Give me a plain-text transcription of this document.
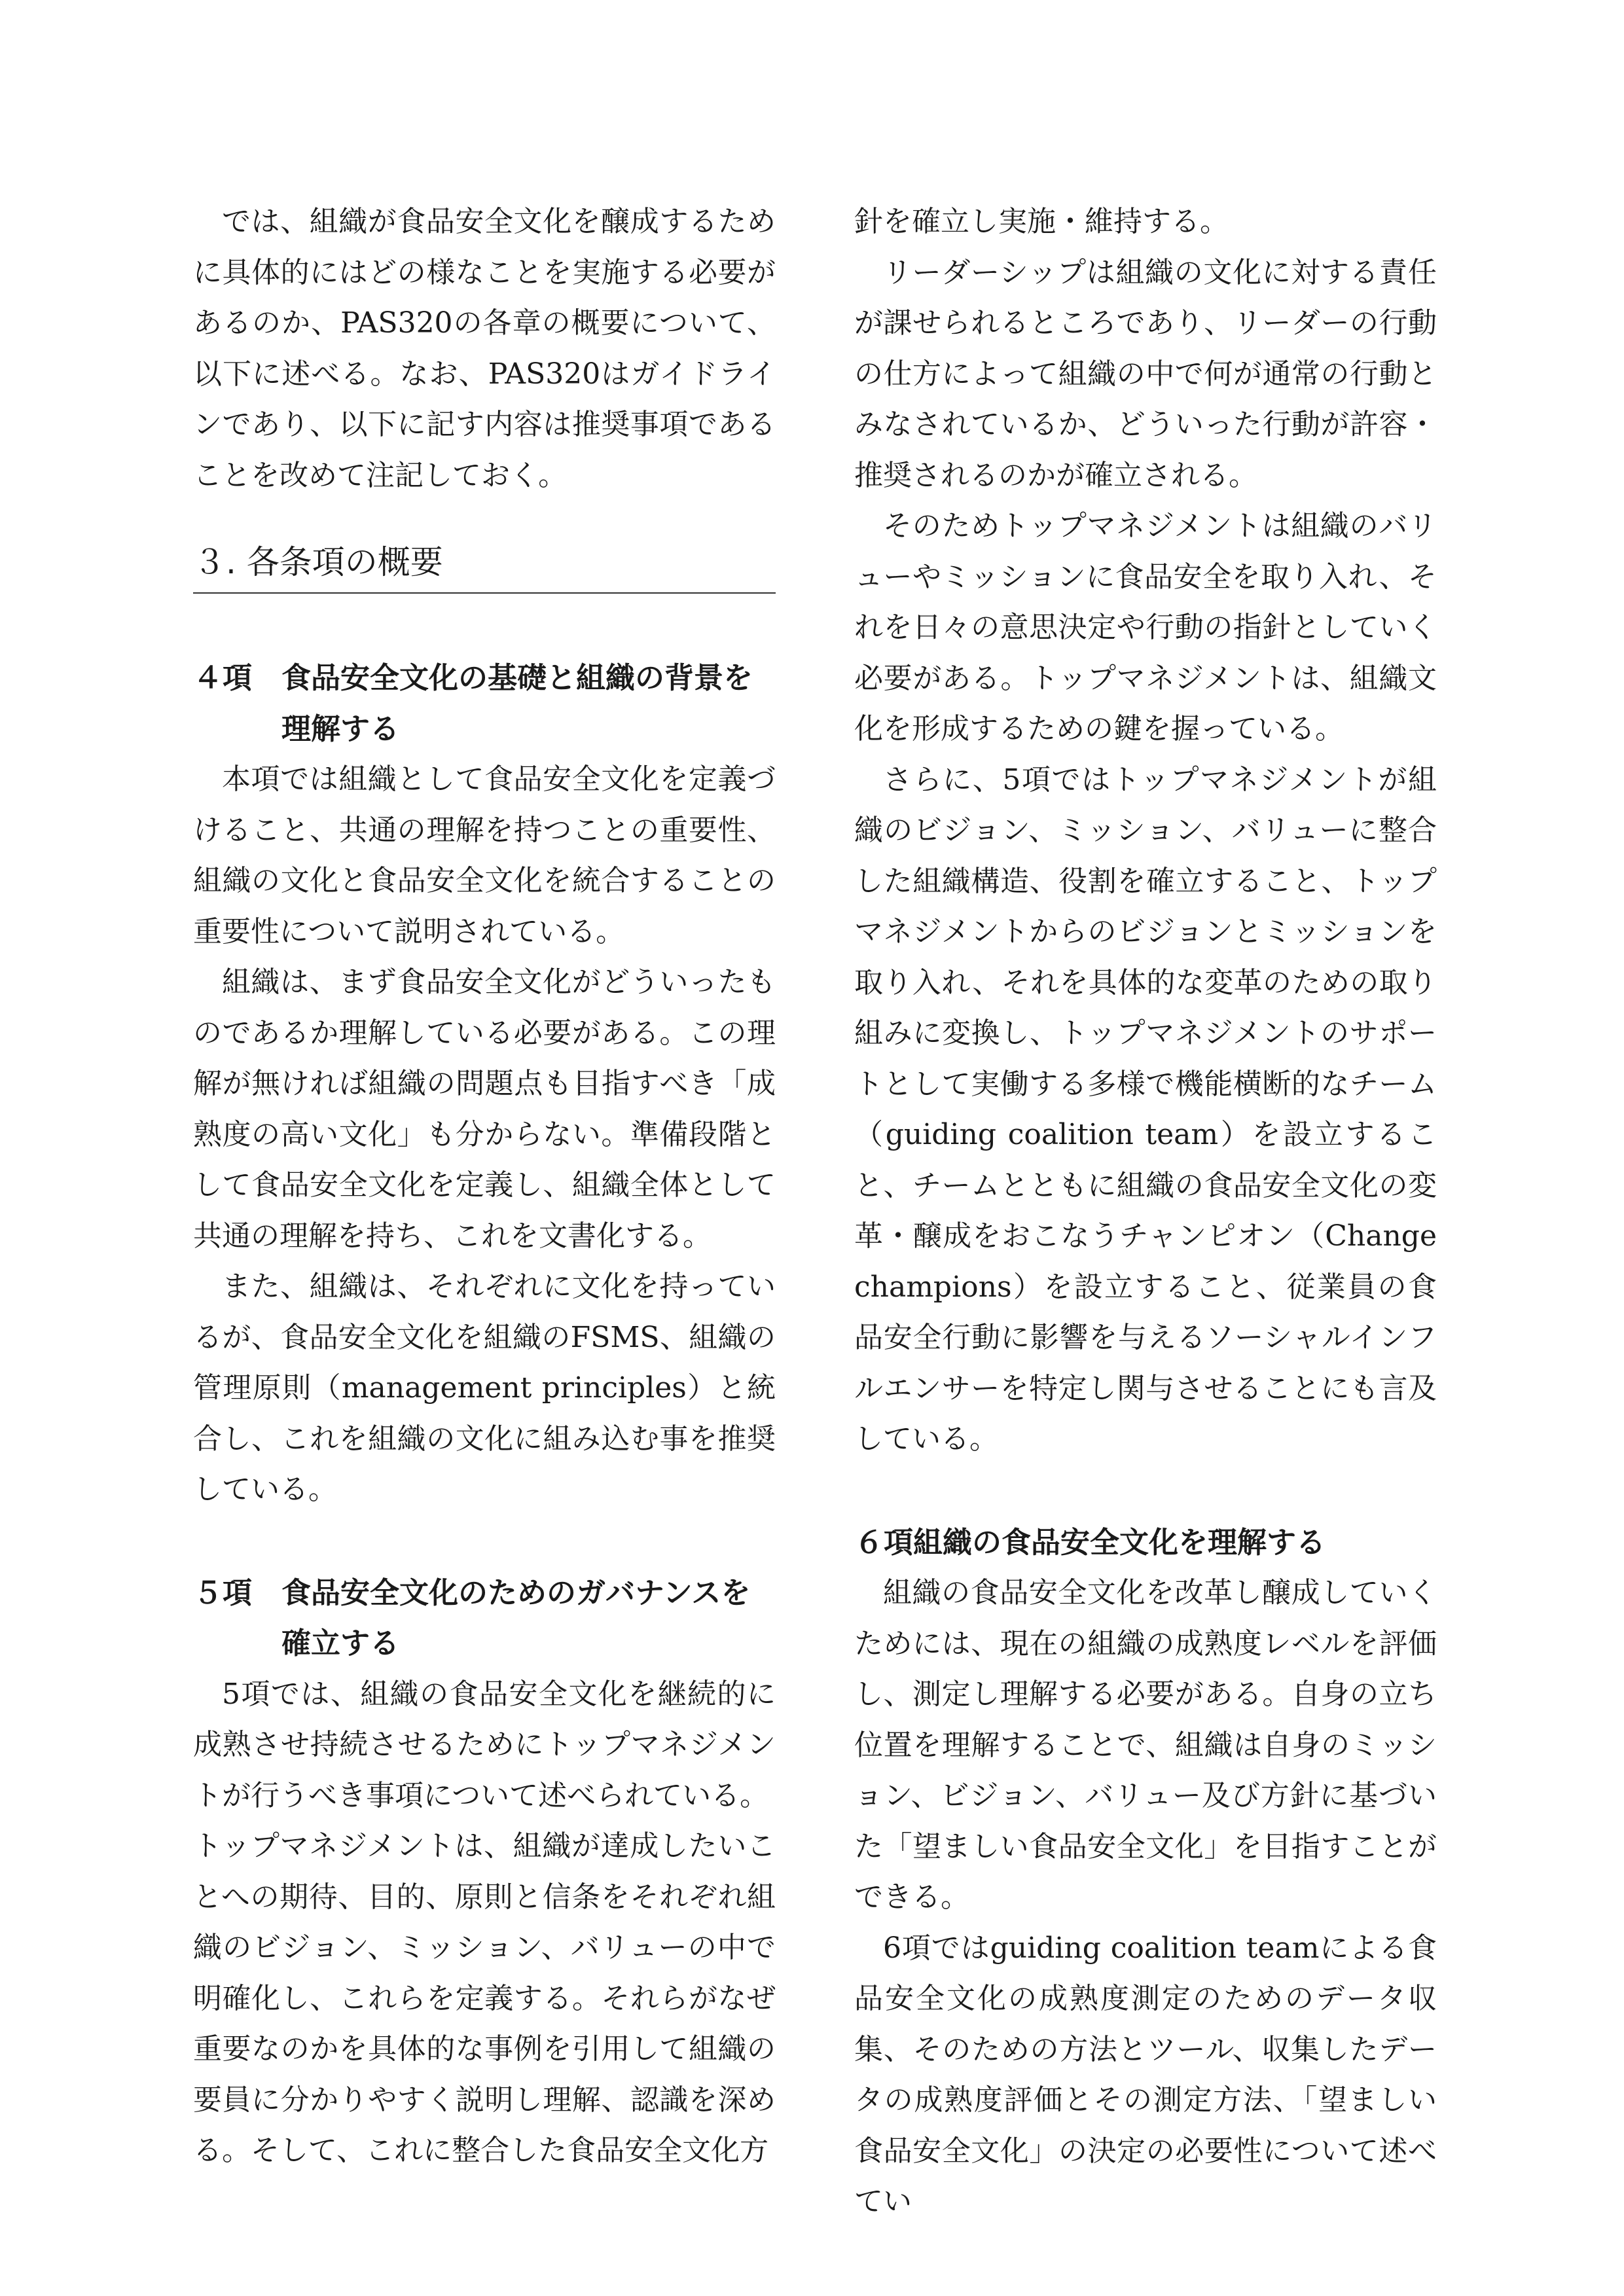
では、組織が食品安全文化を醸成するために具体的にはどの様なことを実施する必要があるのか、PAS320の各章の概要について、以下に述べる。なお、PAS320はガイドラインであり、以下に記す内容は推奨事項であることを改めて注記しておく。

３. 各条項の概要
４項 食品安全文化の基礎と組織の背景を理解する

本項では組織として食品安全文化を定義づけること、共通の理解を持つことの重要性、組織の文化と食品安全文化を統合することの重要性について説明されている。

組織は、まず食品安全文化がどういったものであるか理解している必要がある。この理解が無ければ組織の問題点も目指すべき「成熟度の高い文化」も分からない。準備段階として食品安全文化を定義し、組織全体として共通の理解を持ち、これを文書化する。

また、組織は、それぞれに文化を持っているが、食品安全文化を組織のFSMS、組織の管理原則（management principles）と統合し、これを組織の文化に組み込む事を推奨している。

５項 食品安全文化のためのガバナンスを確立する

5項では、組織の食品安全文化を継続的に成熟させ持続させるためにトップマネジメントが行うべき事項について述べられている。

トップマネジメントは、組織が達成したいことへの期待、目的、原則と信条をそれぞれ組織のビジョン、ミッション、バリューの中で明確化し、これらを定義する。それらがなぜ重要なのかを具体的な事例を引用して組織の要員に分かりやすく説明し理解、認識を深める。そして、これに整合した食品安全文化方

針を確立し実施・維持する。

リーダーシップは組織の文化に対する責任が課せられるところであり、リーダーの行動の仕方によって組織の中で何が通常の行動とみなされているか、どういった行動が許容・推奨されるのかが確立される。

そのためトップマネジメントは組織のバリューやミッションに食品安全を取り入れ、それを日々の意思決定や行動の指針としていく必要がある。トップマネジメントは、組織文化を形成するための鍵を握っている。

さらに、5項ではトップマネジメントが組織のビジョン、ミッション、バリューに整合した組織構造、役割を確立すること、トップマネジメントからのビジョンとミッションを取り入れ、それを具体的な変革のための取り組みに変換し、トップマネジメントのサポートとして実働する多様で機能横断的なチーム（guiding coalition team）を設立すること、チームとともに組織の食品安全文化の変革・醸成をおこなうチャンピオン（Change champions）を設立すること、従業員の食品安全行動に影響を与えるソーシャルインフルエンサーを特定し関与させることにも言及している。

６項 組織の食品安全文化を理解する

組織の食品安全文化を改革し醸成していくためには、現在の組織の成熟度レベルを評価し、測定し理解する必要がある。自身の立ち位置を理解することで、組織は自身のミッション、ビジョン、バリュー及び方針に基づいた「望ましい食品安全文化」を目指すことができる。

6項ではguiding coalition teamによる食品安全文化の成熟度測定のためのデータ収集、そのための方法とツール、収集したデータの成熟度評価とその測定方法、「望ましい食品安全文化」の決定の必要性について述べてい
